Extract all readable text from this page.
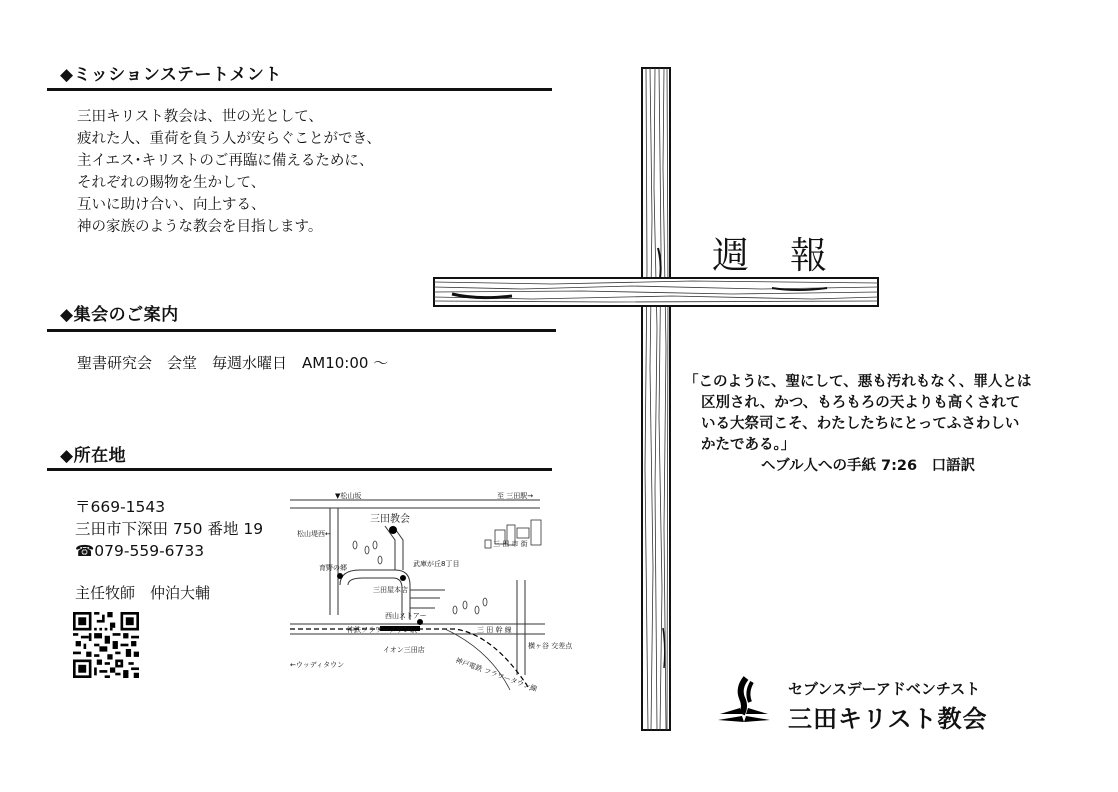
◆ミッションステートメント
三田キリスト教会は、世の光として、
疲れた人、重荷を負う人が安らぐことができ、
主イエス･キリストのご再臨に備えるために、
それぞれの賜物を生かして、
互いに助け合い、向上する、
神の家族のような教会を目指します。
◆集会のご案内
聖書研究会　会堂　毎週水曜日　AM10:00 ～
◆所在地
〒669-1543
三田市下深田 750 番地 19
☎079-559-6733
主任牧師　仲泊大輔
▼松山坂	至 三田駅→
三田教会
松山堤西←
育野の郷	武庫が丘8丁目
三田屋本店
西山ストアー
神鉄フラワータウン駅	三 田 幹 線
イオン三田店
←ウッディタウン	神戸電鉄 フラワータウン線
横ヶ谷 交差点
三 田 市 街
週　報
「このように、聖にして、悪も汚れもなく、罪人とは
区別され、かつ、もろもろの天よりも高くされて
いる大祭司こそ、わたしたちにとってふさわしい
かたである。」
ヘブル人への手紙 7:26　口語訳
セブンスデーアドベンチスト
三田キリスト教会
